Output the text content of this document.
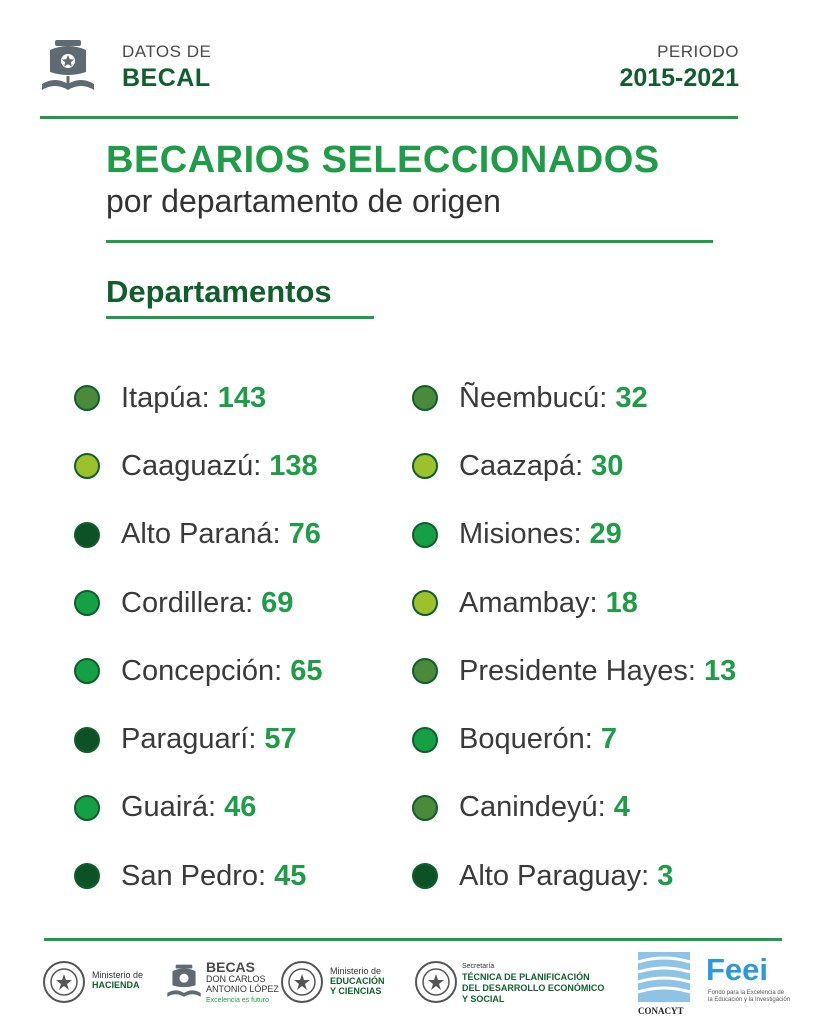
DATOS DE
BECAL
PERIODO
2015-2021
BECARIOS SELECCIONADOS
por departamento de origen
Departamentos
Itapúa : 143
Caaguazú : 138
Alto Paraná : 76
Cordillera : 69
Concepción : 65
Paraguarí : 57
Guairá : 46
San Pedro : 45
Ñeembucú : 32
Caazapá : 30
Misiones : 29
Amambay : 18
Presidente Hayes : 13
Boquerón : 7
Canindeyú : 4
Alto Paraguay : 3
Ministerio de
HACIENDA
BECAS
DON CARLOS
ANTONIO LÓPEZ
Excelencia es futuro
Ministerio de
EDUCACIÓN
Y CIENCIAS
Secretaría
TÉCNICA DE PLANIFICACIÓN
DEL DESARROLLO ECONÓMICO
Y SOCIAL
CONACYT
Feei
Fondo para la Excelencia de
la Educación y la Investigación
